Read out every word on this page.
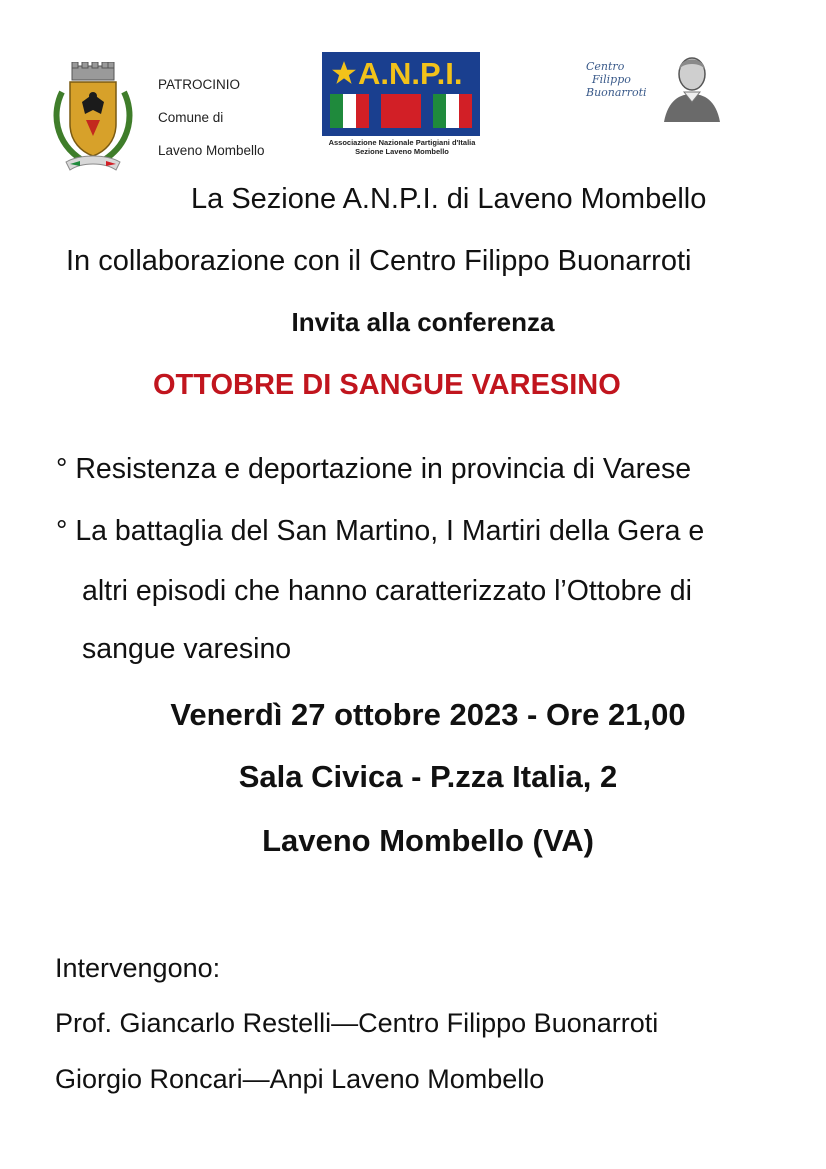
PATROCINIO
Comune di
Laveno Mombello
A.N.P.I.
Associazione Nazionale Partigiani d'Italia
Sezione Laveno Mombello
Centro
Filippo
Buonarroti
La Sezione A.N.P.I. di Laveno Mombello
In collaborazione con il Centro Filippo Buonarroti
Invita alla conferenza
OTTOBRE DI SANGUE VARESINO
° Resistenza e deportazione in provincia di Varese
° La battaglia del San Martino, I Martiri della Gera e
altri episodi che hanno caratterizzato l’Ottobre di
sangue varesino
Venerdì 27 ottobre 2023 - Ore 21,00
Sala Civica - P.zza Italia, 2
Laveno Mombello (VA)
Intervengono:
Prof. Giancarlo Restelli—Centro Filippo Buonarroti
Giorgio Roncari—Anpi Laveno Mombello
